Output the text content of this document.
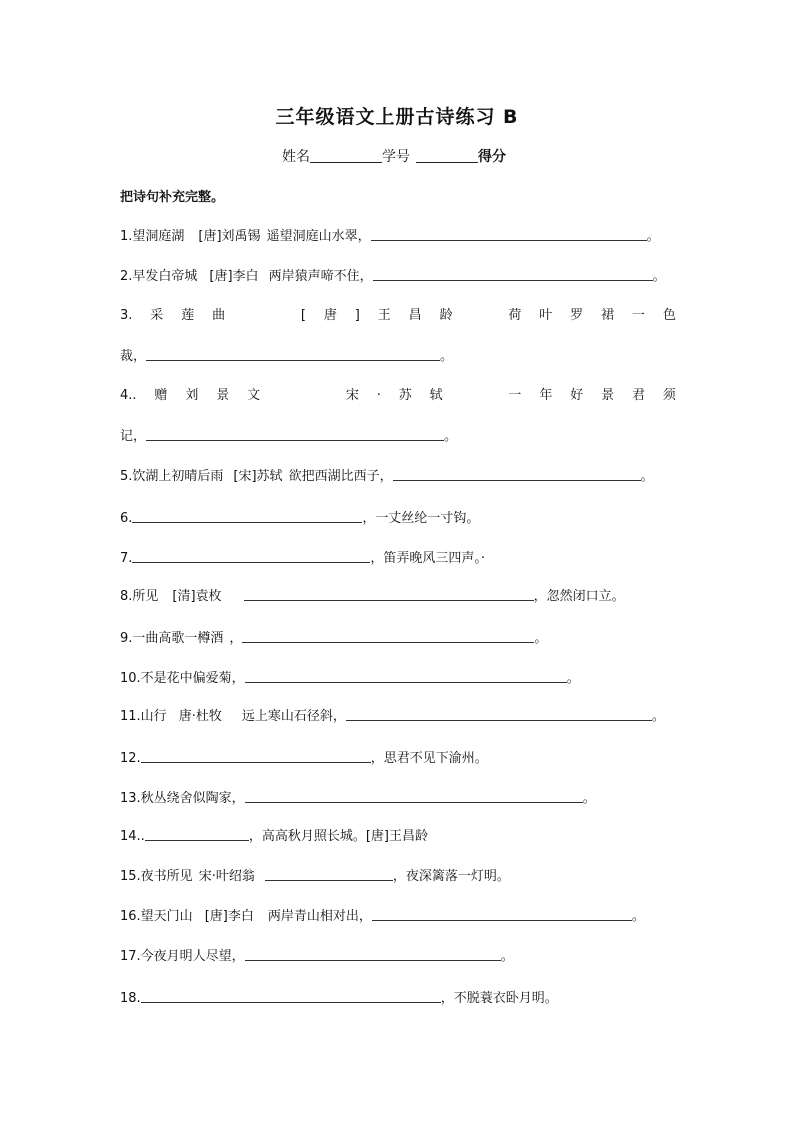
三年级语文上册古诗练习 B
姓名	学号	得分
把诗句补充完整。
1.望洞庭湖 [唐]刘禹锡 遥望洞庭山水翠，	。
2.早发白帝城 [唐]李白 两岸猿声啼不住，	。
3. 采 莲 曲	[ 唐 ] 王 昌 龄	荷 叶 罗 裙 一 色
裁，	。
4.. 赠 刘 景 文	宋 · 苏 轼	一 年 好 景 君 须
记，	。
5.饮湖上初晴后雨 [宋]苏轼 欲把西湖比西子，	。
6.	，一丈丝纶一寸钩。
7.	，笛弄晚风三四声。·
8.所见 [清]袁枚	，忽然闭口立。
9.一曲高歌一樽酒 ，	。
10.不是花中偏爱菊，	。
11.山行 唐·杜牧 远上寒山石径斜，	。
12.	，思君不见下渝州。
13.秋丛绕舍似陶家，	。
14..	，高高秋月照长城。[唐]王昌龄
15.夜书所见 宋·叶绍翁	，夜深篱落一灯明。
16.望天门山 [唐]李白 两岸青山相对出，	。
17.今夜月明人尽望，	。
18.	，不脱蓑衣卧月明。
